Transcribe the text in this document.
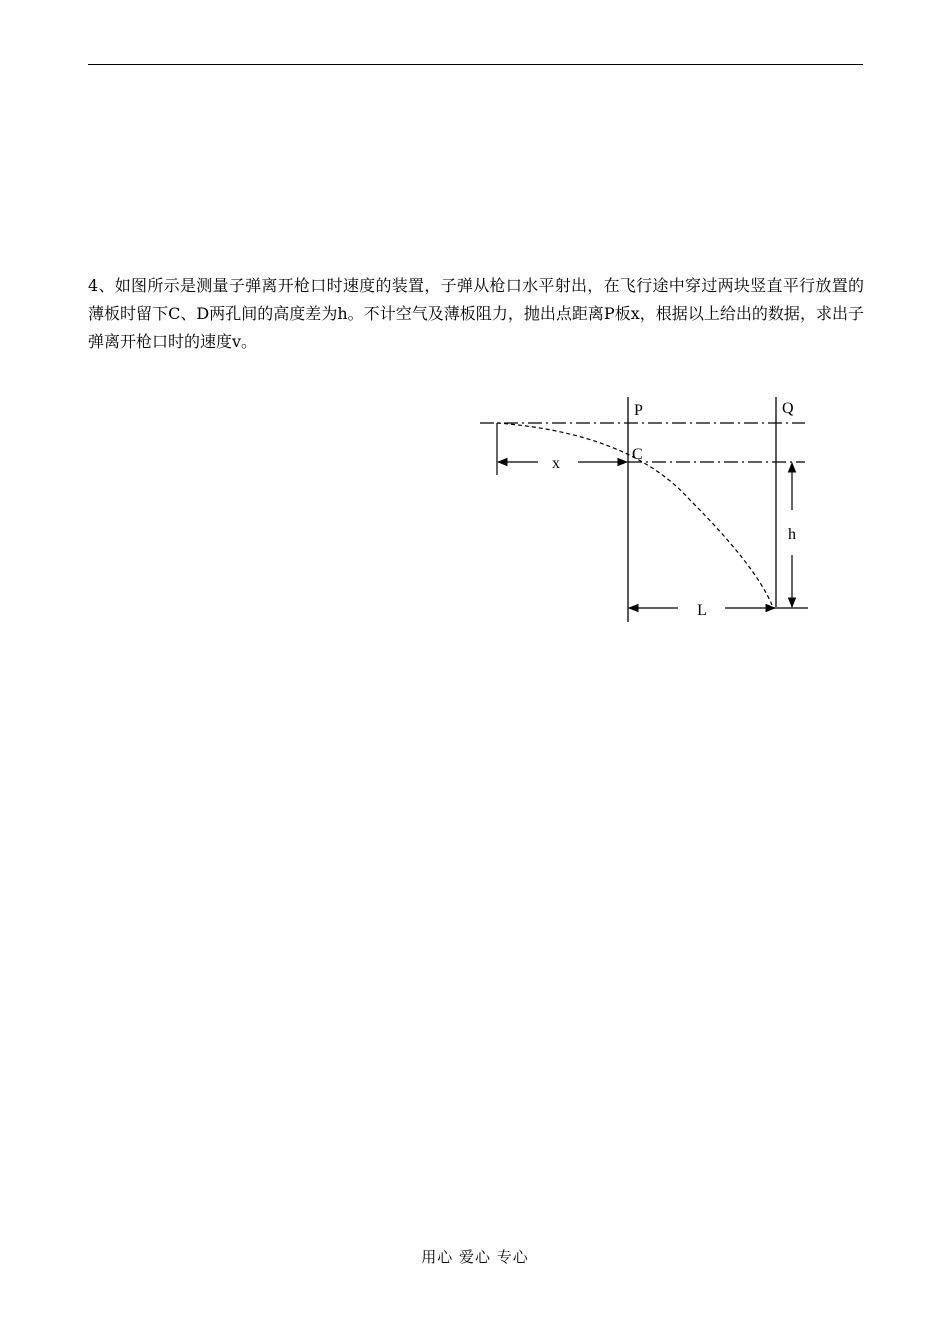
4、如图所示是测量子弹离开枪口时速度的装置，子弹从枪口水平射出，在飞行途中穿过两块竖直平行放置的薄板时留下C、D两孔间的高度差为h。不计空气及薄板阻力，抛出点距离P板x，根据以上给出的数据，求出子弹离开枪口时的速度v。

x
h
L
P	Q
C
用心 爱心 专心
